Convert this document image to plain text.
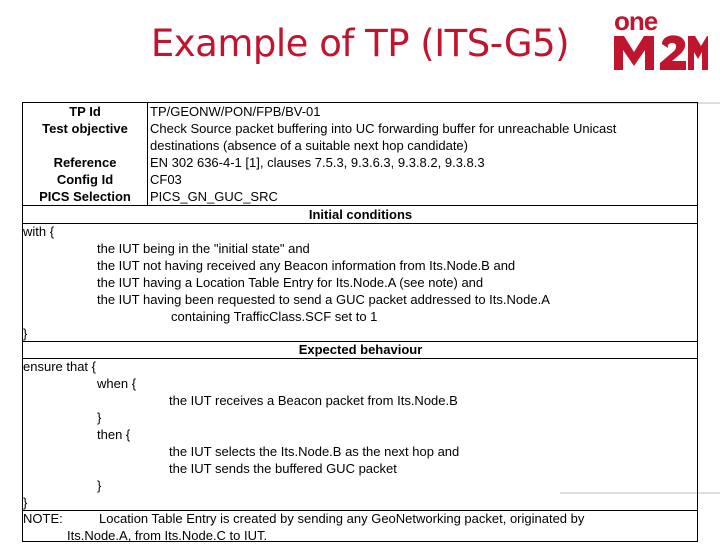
Example of TP (ITS-G5)
one
TP Id	TP/GEONW/PON/FPB/BV-01
Test objective	Check Source packet buffering into UC forwarding buffer for unreachable Unicast
destinations (absence of a suitable next hop candidate)
Reference	EN 302 636-4-1 [1], clauses 7.5.3, 9.3.6.3, 9.3.8.2, 9.3.8.3
Config Id	CF03
PICS Selection	PICS_GN_GUC_SRC
Initial conditions
with {
the IUT being in the "initial state" and
the IUT not having received any Beacon information from Its.Node.B and
the IUT having a Location Table Entry for Its.Node.A (see note) and
the IUT having been requested to send a GUC packet addressed to Its.Node.A
containing TrafficClass.SCF set to 1
}
Expected behaviour
ensure that {
when {
the IUT receives a Beacon packet from Its.Node.B
}
then {
the IUT selects the Its.Node.B as the next hop and
the IUT sends the buffered GUC packet
}
}
NOTE:	Location Table Entry is created by sending any GeoNetworking packet, originated by
Its.Node.A, from Its.Node.C to IUT.
